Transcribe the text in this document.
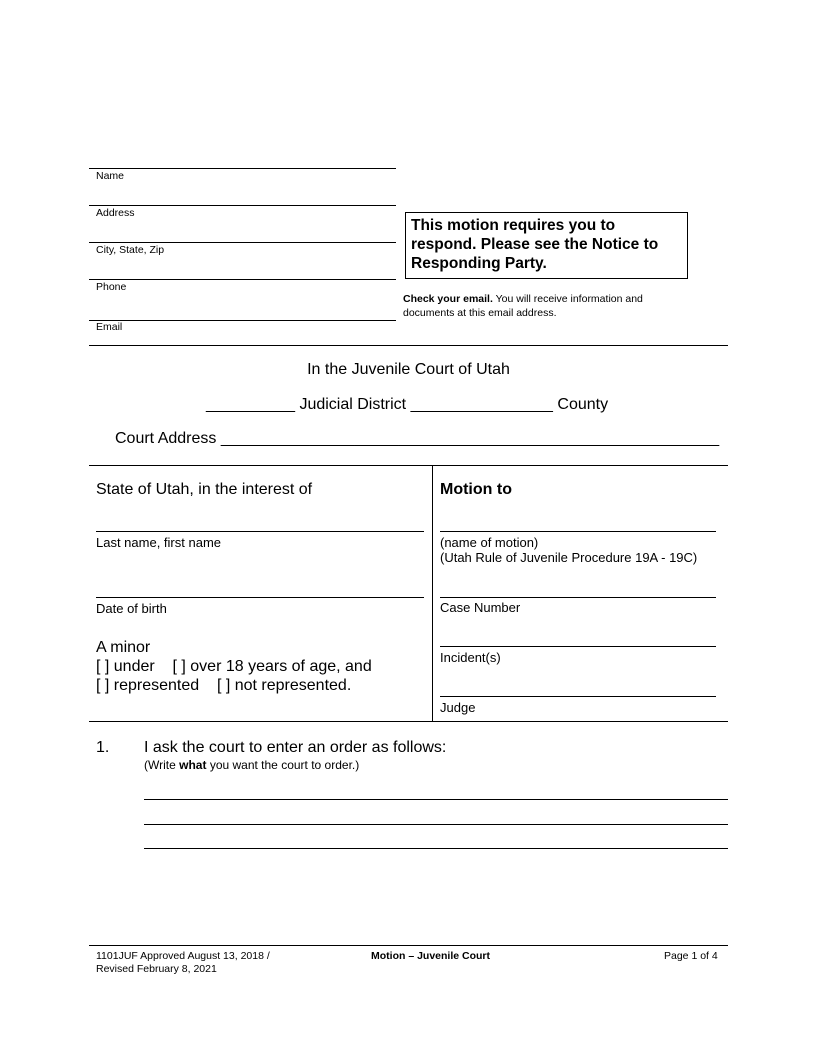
Name
Address
City, State, Zip
Phone
Email
This motion requires you to respond. Please see the Notice to Responding Party.
Check your email. You will receive information and
documents at this email address.
In the Juvenile Court of Utah
__________ Judicial District ________________ County
Court Address ________________________________________________________
State of Utah, in the interest of
Last name, first name
Date of birth
A minor
[ ] under [ ] over 18 years of age, and
[ ] represented [ ] not represented.
Motion to
(name of motion)
(Utah Rule of Juvenile Procedure 19A - 19C)
Case Number
Incident(s)
Judge
1. I ask the court to enter an order as follows:
(Write what you want the court to order.)
1101JUF Approved August 13, 2018 /
Revised February 8, 2021
Motion – Juvenile Court	Page 1 of 4
